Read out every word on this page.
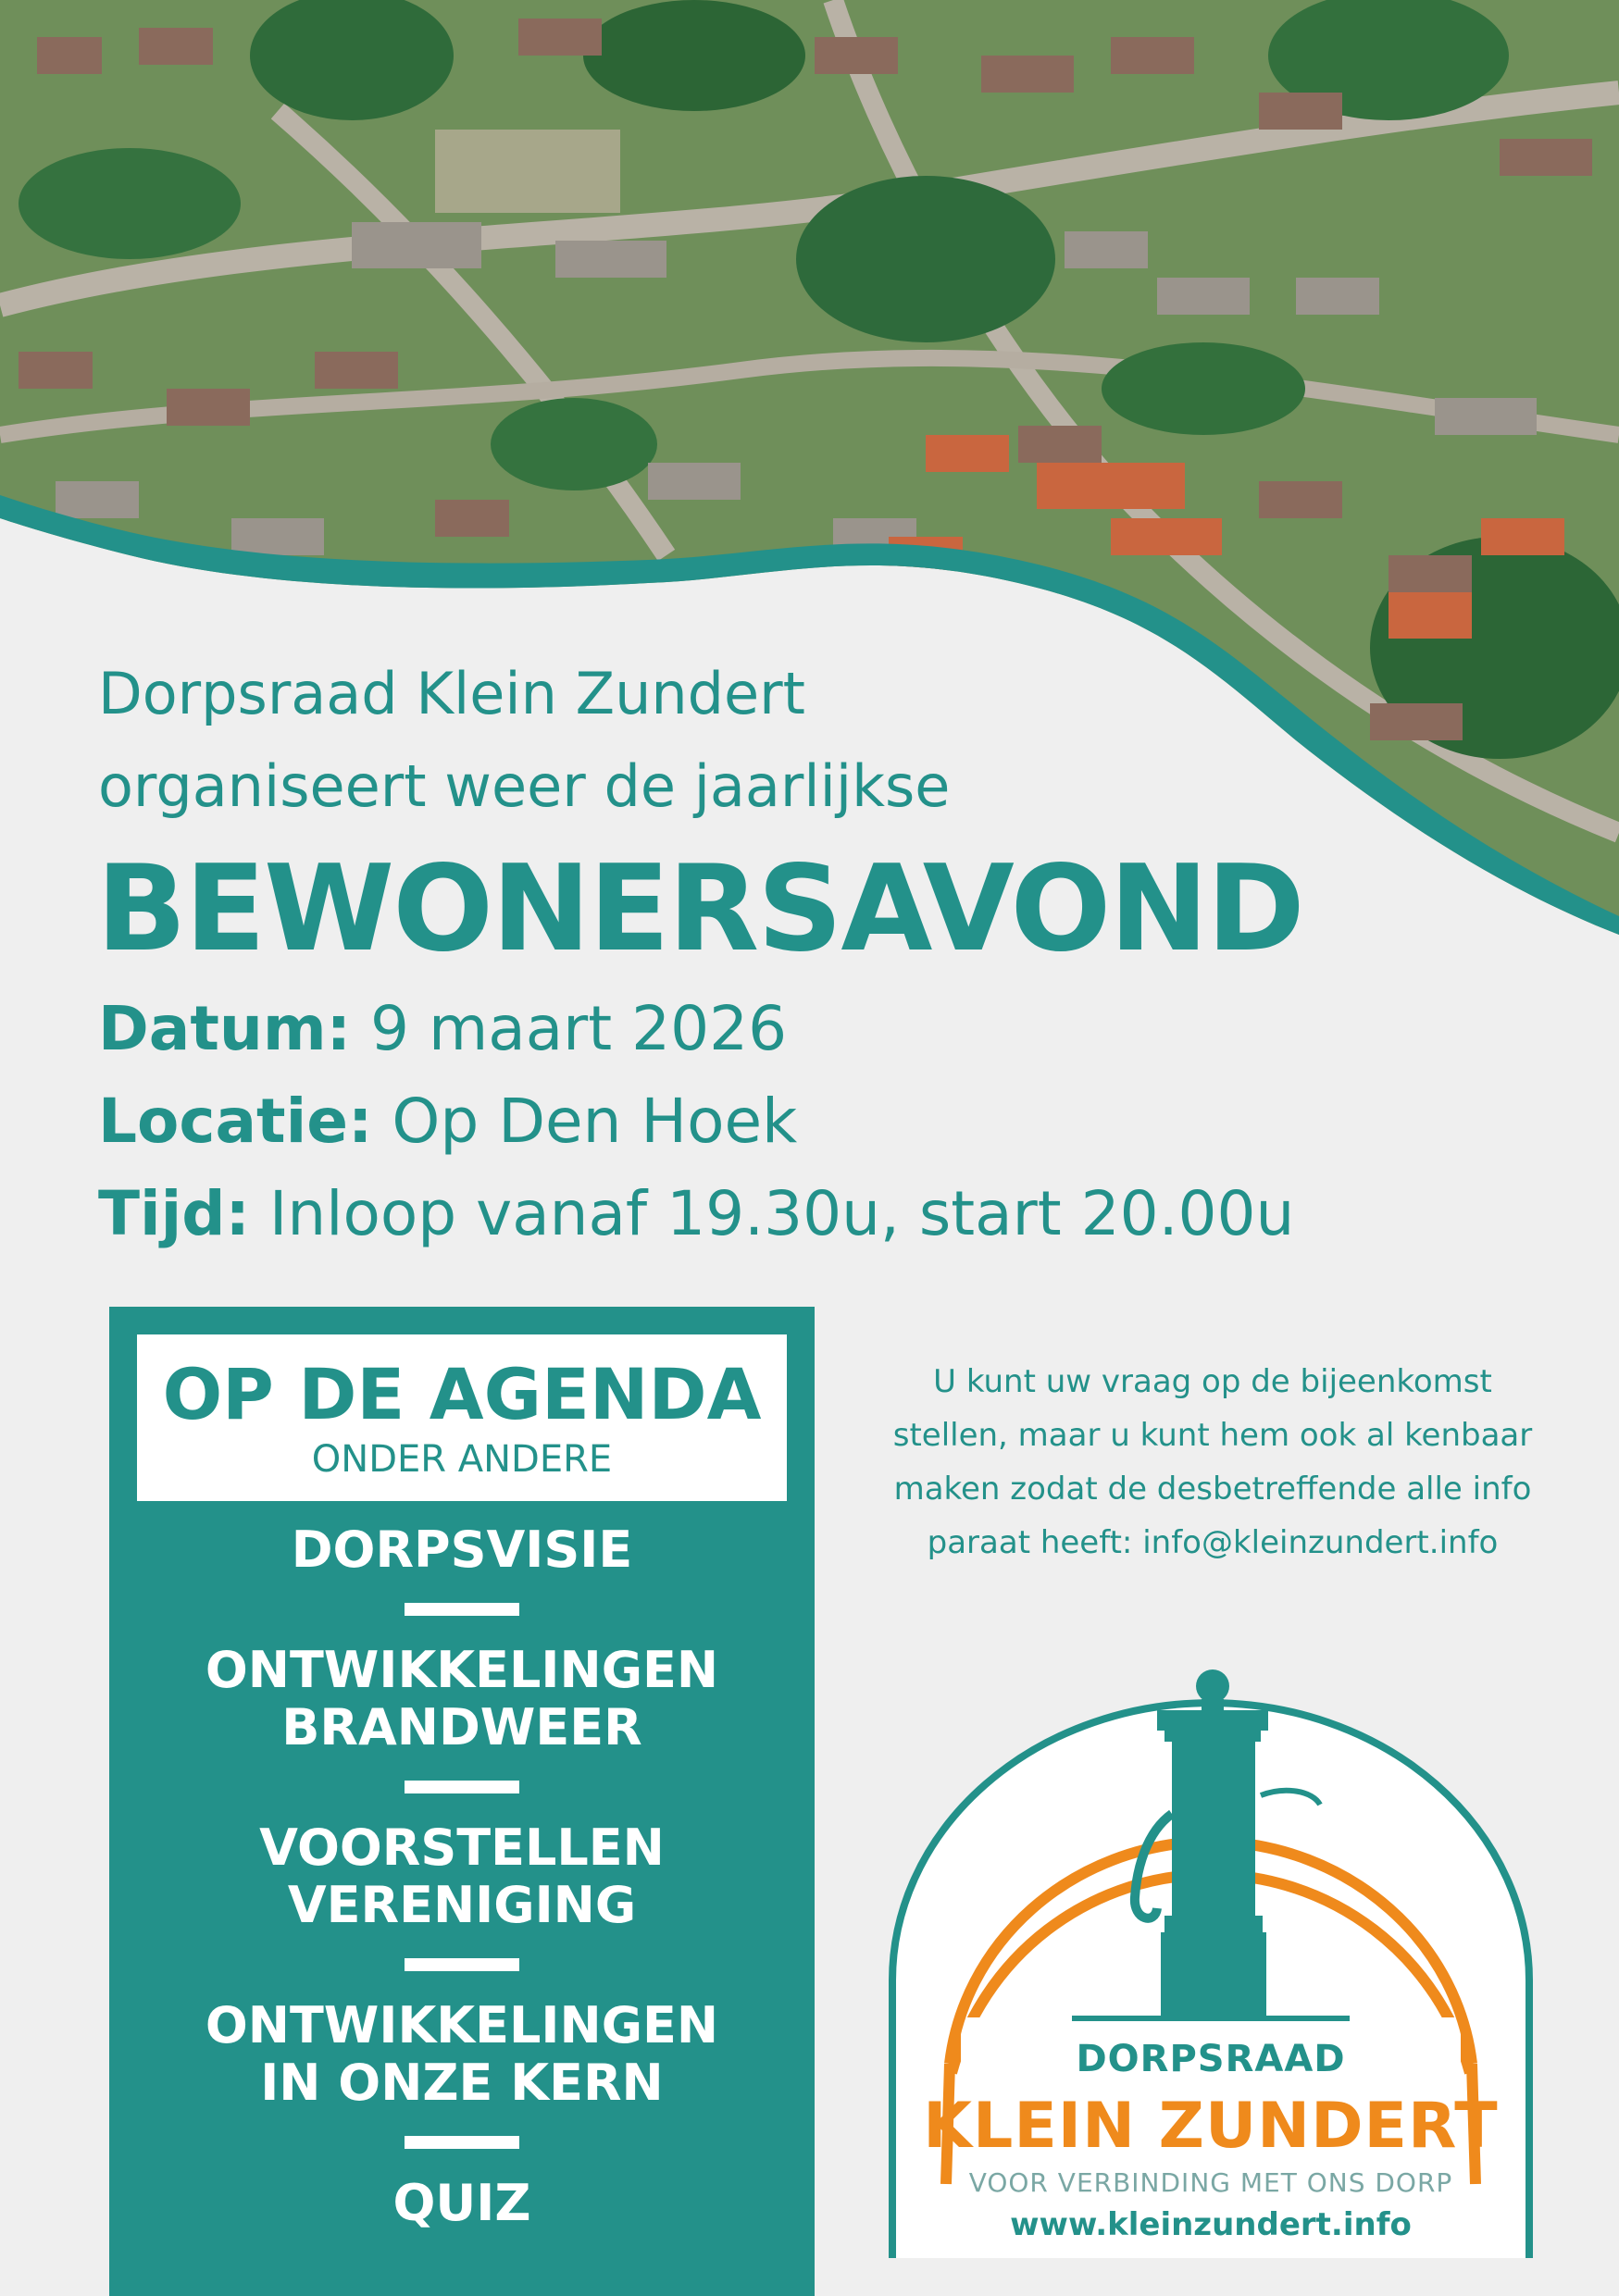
Dorpsraad Klein Zundert
organiseert weer de jaarlijkse
BEWONERSAVOND
Datum: 9 maart 2026
Locatie: Op Den Hoek
Tijd: Inloop vanaf 19.30u, start 20.00u
OP DE AGENDA
ONDER ANDERE
DORPSVISIE
ONTWIKKELINGEN
BRANDWEER
VOORSTELLEN
VERENIGING
ONTWIKKELINGEN
IN ONZE KERN
QUIZ
U kunt uw vraag op de bijeenkomst
stellen, maar u kunt hem ook al kenbaar
maken zodat de desbetreffende alle info
paraat heeft: info@kleinzundert.info
DORPSRAAD
KLEIN ZUNDERT
VOOR VERBINDING MET ONS DORP
www.kleinzundert.info
